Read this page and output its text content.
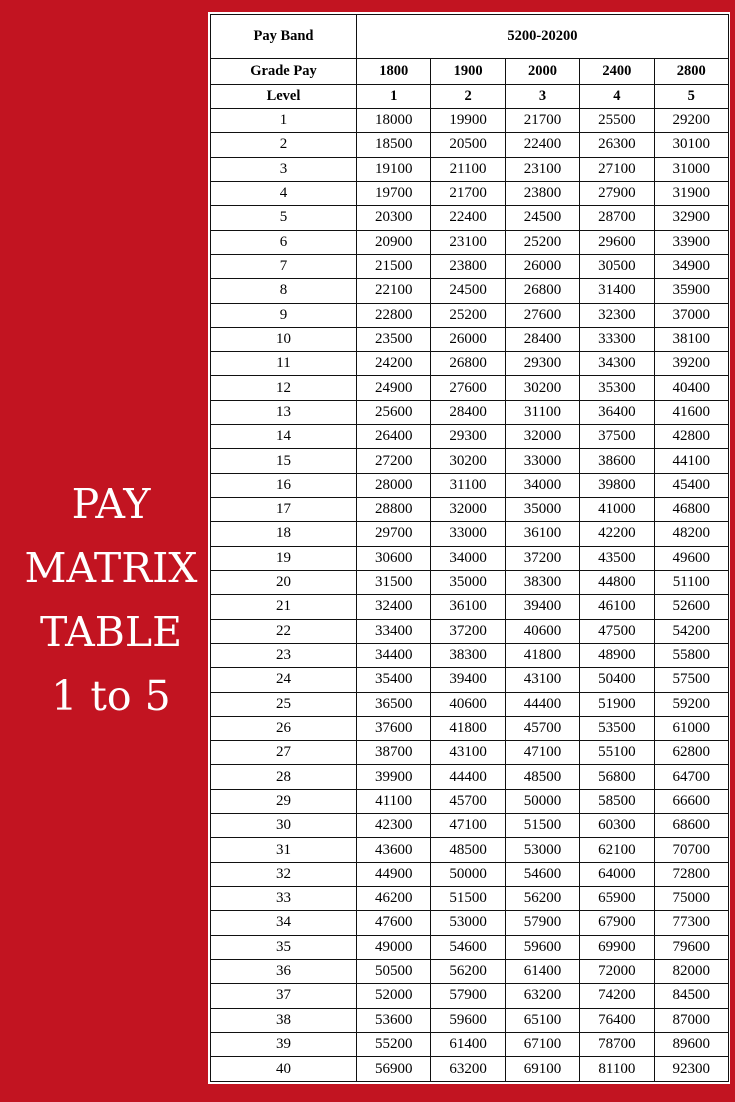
PAY
MATRIX
TABLE
1 to 5
Pay Band	5200-20200				
Grade Pay	1800	1900	2000	2400	2800
Level	1	2	3	4	5
1	18000	19900	21700	25500	29200
2	18500	20500	22400	26300	30100
3	19100	21100	23100	27100	31000
4	19700	21700	23800	27900	31900
5	20300	22400	24500	28700	32900
6	20900	23100	25200	29600	33900
7	21500	23800	26000	30500	34900
8	22100	24500	26800	31400	35900
9	22800	25200	27600	32300	37000
10	23500	26000	28400	33300	38100
11	24200	26800	29300	34300	39200
12	24900	27600	30200	35300	40400
13	25600	28400	31100	36400	41600
14	26400	29300	32000	37500	42800
15	27200	30200	33000	38600	44100
16	28000	31100	34000	39800	45400
17	28800	32000	35000	41000	46800
18	29700	33000	36100	42200	48200
19	30600	34000	37200	43500	49600
20	31500	35000	38300	44800	51100
21	32400	36100	39400	46100	52600
22	33400	37200	40600	47500	54200
23	34400	38300	41800	48900	55800
24	35400	39400	43100	50400	57500
25	36500	40600	44400	51900	59200
26	37600	41800	45700	53500	61000
27	38700	43100	47100	55100	62800
28	39900	44400	48500	56800	64700
29	41100	45700	50000	58500	66600
30	42300	47100	51500	60300	68600
31	43600	48500	53000	62100	70700
32	44900	50000	54600	64000	72800
33	46200	51500	56200	65900	75000
34	47600	53000	57900	67900	77300
35	49000	54600	59600	69900	79600
36	50500	56200	61400	72000	82000
37	52000	57900	63200	74200	84500
38	53600	59600	65100	76400	87000
39	55200	61400	67100	78700	89600
40	56900	63200	69100	81100	92300
